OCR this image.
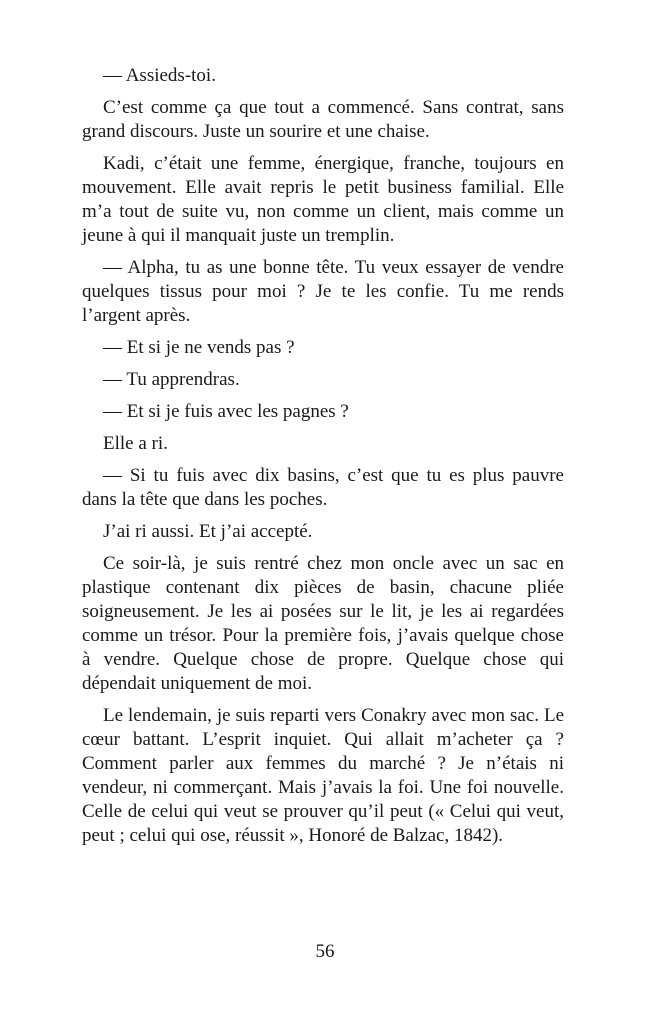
— Assieds-toi.

C’est comme ça que tout a commencé. Sans contrat, sans grand discours. Juste un sourire et une chaise.

Kadi, c’était une femme, énergique, franche, toujours en mouvement. Elle avait repris le petit business familial. Elle m’a tout de suite vu, non comme un client, mais comme un jeune à qui il manquait juste un tremplin.

— Alpha, tu as une bonne tête. Tu veux essayer de vendre quelques tissus pour moi ? Je te les confie. Tu me rends l’argent après.

— Et si je ne vends pas ?

— Tu apprendras.

— Et si je fuis avec les pagnes ?

Elle a ri.

— Si tu fuis avec dix basins, c’est que tu es plus pauvre dans la tête que dans les poches.

J’ai ri aussi. Et j’ai accepté.

Ce soir-là, je suis rentré chez mon oncle avec un sac en plastique contenant dix pièces de basin, chacune pliée soigneusement. Je les ai posées sur le lit, je les ai regardées comme un trésor. Pour la première fois, j’avais quelque chose à vendre. Quelque chose de propre. Quelque chose qui dépendait uniquement de moi.

Le lendemain, je suis reparti vers Conakry avec mon sac. Le cœur battant. L’esprit inquiet. Qui allait m’acheter ça ? Comment parler aux femmes du marché ? Je n’étais ni vendeur, ni commerçant. Mais j’avais la foi. Une foi nouvelle. Celle de celui qui veut se prouver qu’il peut (« Celui qui veut, peut ; celui qui ose, réussit », Honoré de Balzac, 1842).

56
